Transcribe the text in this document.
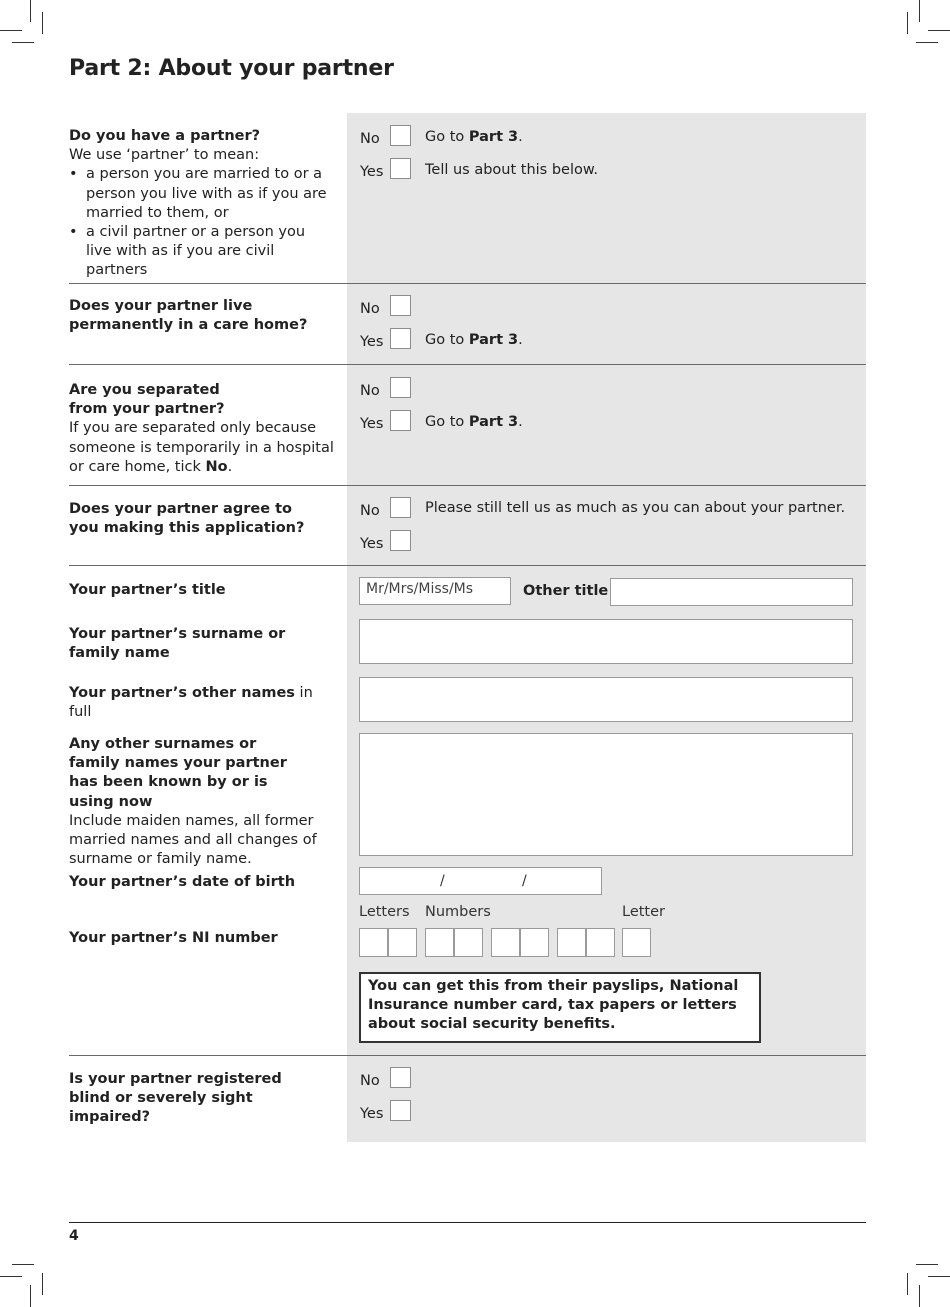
Part 2: About your partner
Do you have a partner?
We use ‘partner’ to mean:
• a person you are married to or a person you live with as if you are married to them, or
• a civil partner or a person you live with as if you are civil partners
No	Go to Part 3.
Yes	Tell us about this below.
Does your partner live permanently in a care home?
No
Yes	Go to Part 3.
Are you separated from your partner?
If you are separated only because someone is temporarily in a hospital or care home, tick No.
No
Yes	Go to Part 3.
Does your partner agree to you making this application?
No	Please still tell us as much as you can about your partner.
Yes
Your partner’s title	Mr/Mrs/Miss/Ms	Other title
Your partner’s surname or family name
Your partner’s other names in full
Any other surnames or family names your partner has been known by or is using now
Include maiden names, all former married names and all changes of surname or family name.
Your partner’s date of birth	/	/
Letters Numbers	Letter
Your partner’s NI number
You can get this from their payslips, National Insurance number card, tax papers or letters about social security benefits.
Is your partner registered blind or severely sight impaired?
No
Yes
4
